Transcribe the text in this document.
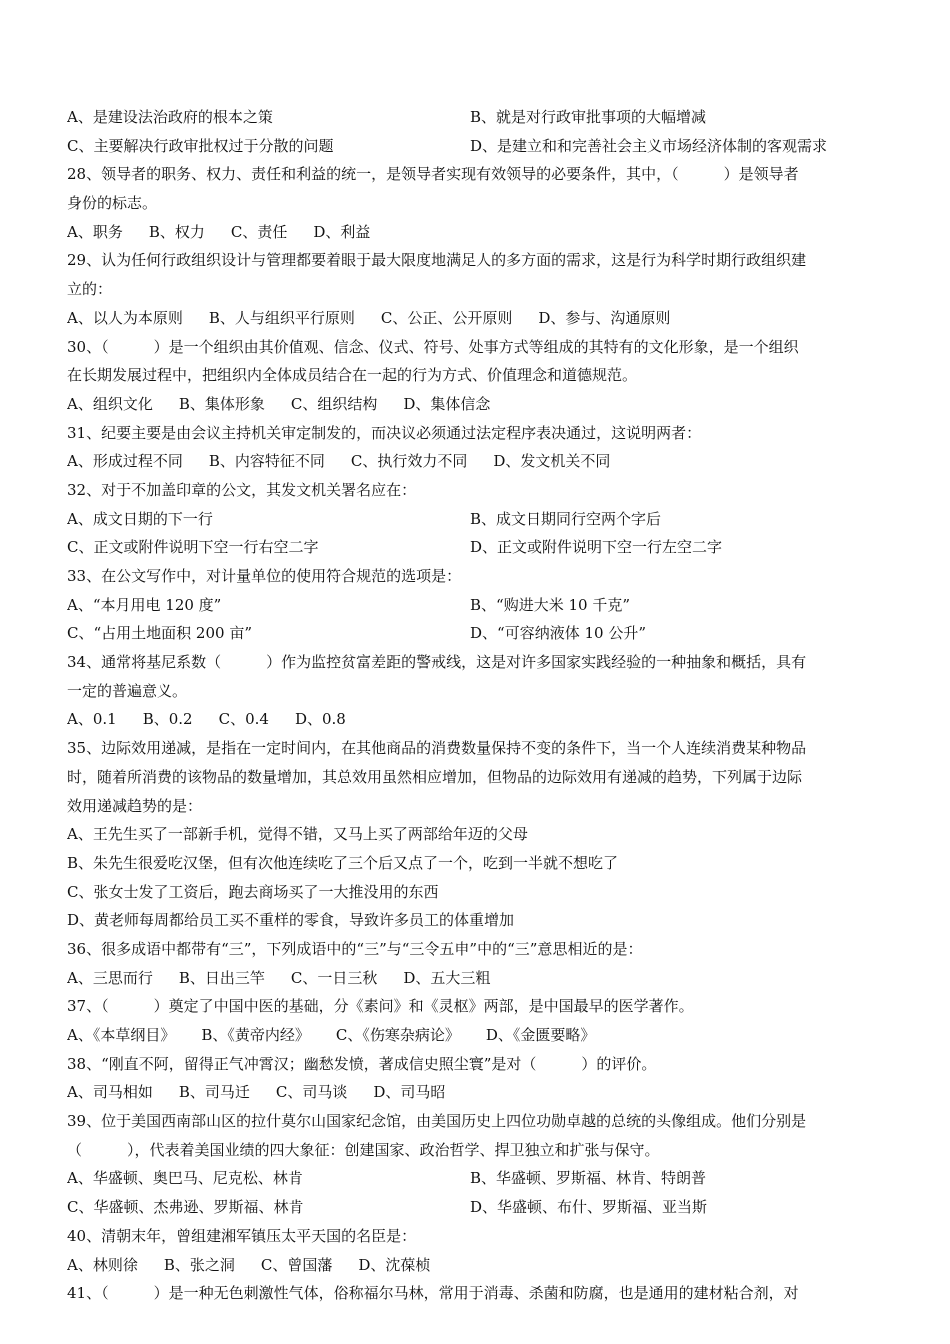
A、是建设法治政府的根本之策	B、就是对行政审批事项的大幅增减
C、主要解决行政审批权过于分散的问题	D、是建立和和完善社会主义市场经济体制的客观需求
28、领导者的职务、权力、责任和利益的统一，是领导者实现有效领导的必要条件，其中，（　　　）是领导者
身份的标志。
A、职务 B、权力 C、责任 D、利益
29、认为任何行政组织设计与管理都要着眼于最大限度地满足人的多方面的需求，这是行为科学时期行政组织建
立的：
A、以人为本原则 B、人与组织平行原则 C、公正、公开原则 D、参与、沟通原则
30、（　　　）是一个组织由其价值观、信念、仪式、符号、处事方式等组成的其特有的文化形象，是一个组织
在长期发展过程中，把组织内全体成员结合在一起的行为方式、价值理念和道德规范。
A、组织文化 B、集体形象 C、组织结构 D、集体信念
31、纪要主要是由会议主持机关审定制发的，而决议必须通过法定程序表决通过，这说明两者：
A、形成过程不同 B、内容特征不同 C、执行效力不同 D、发文机关不同
32、对于不加盖印章的公文，其发文机关署名应在：
A、成文日期的下一行	B、成文日期同行空两个字后
C、正文或附件说明下空一行右空二字	D、正文或附件说明下空一行左空二字
33、在公文写作中，对计量单位的使用符合规范的选项是：
A、“本月用电 120 度”	B、“购进大米 10 千克”
C、“占用土地面积 200 亩”	D、“可容纳液体 10 公升”
34、通常将基尼系数（　　　）作为监控贫富差距的警戒线，这是对许多国家实践经验的一种抽象和概括，具有
一定的普遍意义。
A、0.1 B、0.2 C、0.4 D、0.8
35、边际效用递减，是指在一定时间内，在其他商品的消费数量保持不变的条件下，当一个人连续消费某种物品
时，随着所消费的该物品的数量增加，其总效用虽然相应增加，但物品的边际效用有递减的趋势，下列属于边际
效用递减趋势的是：
A、王先生买了一部新手机，觉得不错，又马上买了两部给年迈的父母
B、朱先生很爱吃汉堡，但有次他连续吃了三个后又点了一个，吃到一半就不想吃了
C、张女士发了工资后，跑去商场买了一大推没用的东西
D、黄老师每周都给员工买不重样的零食，导致许多员工的体重增加
36、很多成语中都带有“三”，下列成语中的“三”与“三令五申”中的“三”意思相近的是：
A、三思而行 B、日出三竿 C、一日三秋 D、五大三粗
37、（　　　）奠定了中国中医的基础，分《素问》和《灵枢》两部，是中国最早的医学著作。
A、《本草纲目》 B、《黄帝内经》 C、《伤寒杂病论》 D、《金匮要略》
38、“刚直不阿，留得正气冲霄汉；幽愁发愤，著成信史照尘寰”是对（　　　）的评价。
A、司马相如 B、司马迁 C、司马谈 D、司马昭
39、位于美国西南部山区的拉什莫尔山国家纪念馆，由美国历史上四位功勋卓越的总统的头像组成。他们分别是
（　　　），代表着美国业绩的四大象征：创建国家、政治哲学、捍卫独立和扩张与保守。
A、华盛顿、奥巴马、尼克松、林肯	B、华盛顿、罗斯福、林肯、特朗普
C、华盛顿、杰弗逊、罗斯福、林肯	D、华盛顿、布什、罗斯福、亚当斯
40、清朝末年，曾组建湘军镇压太平天国的名臣是：
A、林则徐 B、张之洞 C、曾国藩 D、沈葆桢
41、（　　　）是一种无色刺激性气体，俗称福尔马林，常用于消毒、杀菌和防腐，也是通用的建材粘合剂，对
